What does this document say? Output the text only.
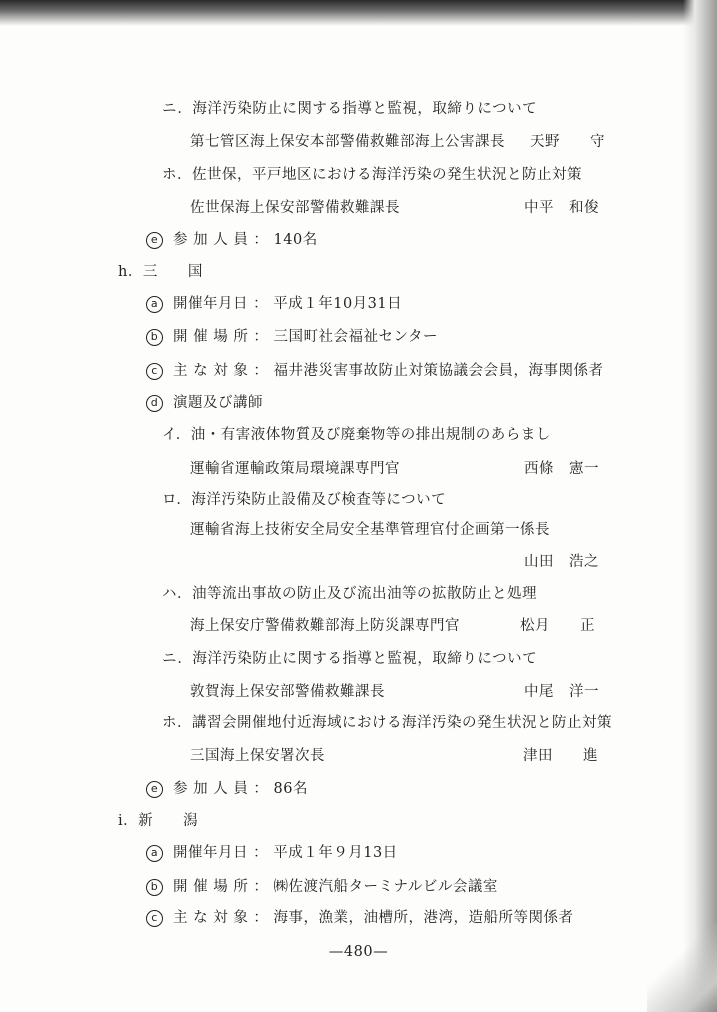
ニ．海洋汚染防止に関する指導と監視，取締りについて
第七管区海上保安本部警備救難部海上公害課長 天野　　守
ホ．佐世保，平戸地区における海洋汚染の発生状況と防止対策
佐世保海上保安部警備救難課長	中平　和俊
e 参 加 人 員 ： 140名
h．三　　国
a 開催年月日 ： 平成１年10月31日
b 開 催 場 所 ： 三国町社会福祉センター
c 主 な 対 象 ： 福井港災害事故防止対策協議会会員，海事関係者
d 演題及び講師
イ．油・有害液体物質及び廃棄物等の排出規制のあらまし
運輸省運輸政策局環境課専門官	西條　憲一
ロ．海洋汚染防止設備及び検査等について
運輸省海上技術安全局安全基準管理官付企画第一係長
山田　浩之
ハ．油等流出事故の防止及び流出油等の拡散防止と処理
海上保安庁警備救難部海上防災課専門官	松月　　正
ニ．海洋汚染防止に関する指導と監視，取締りについて
敦賀海上保安部警備救難課長	中尾　洋一
ホ．講習会開催地付近海域における海洋汚染の発生状況と防止対策
三国海上保安署次長	津田　　進
e 参 加 人 員 ： 86名
i．新　　潟
a 開催年月日 ： 平成１年９月13日
b 開 催 場 所 ： ㈱佐渡汽船ターミナルビル会議室
c 主 な 対 象 ： 海事，漁業，油槽所，港湾，造船所等関係者
—480—
